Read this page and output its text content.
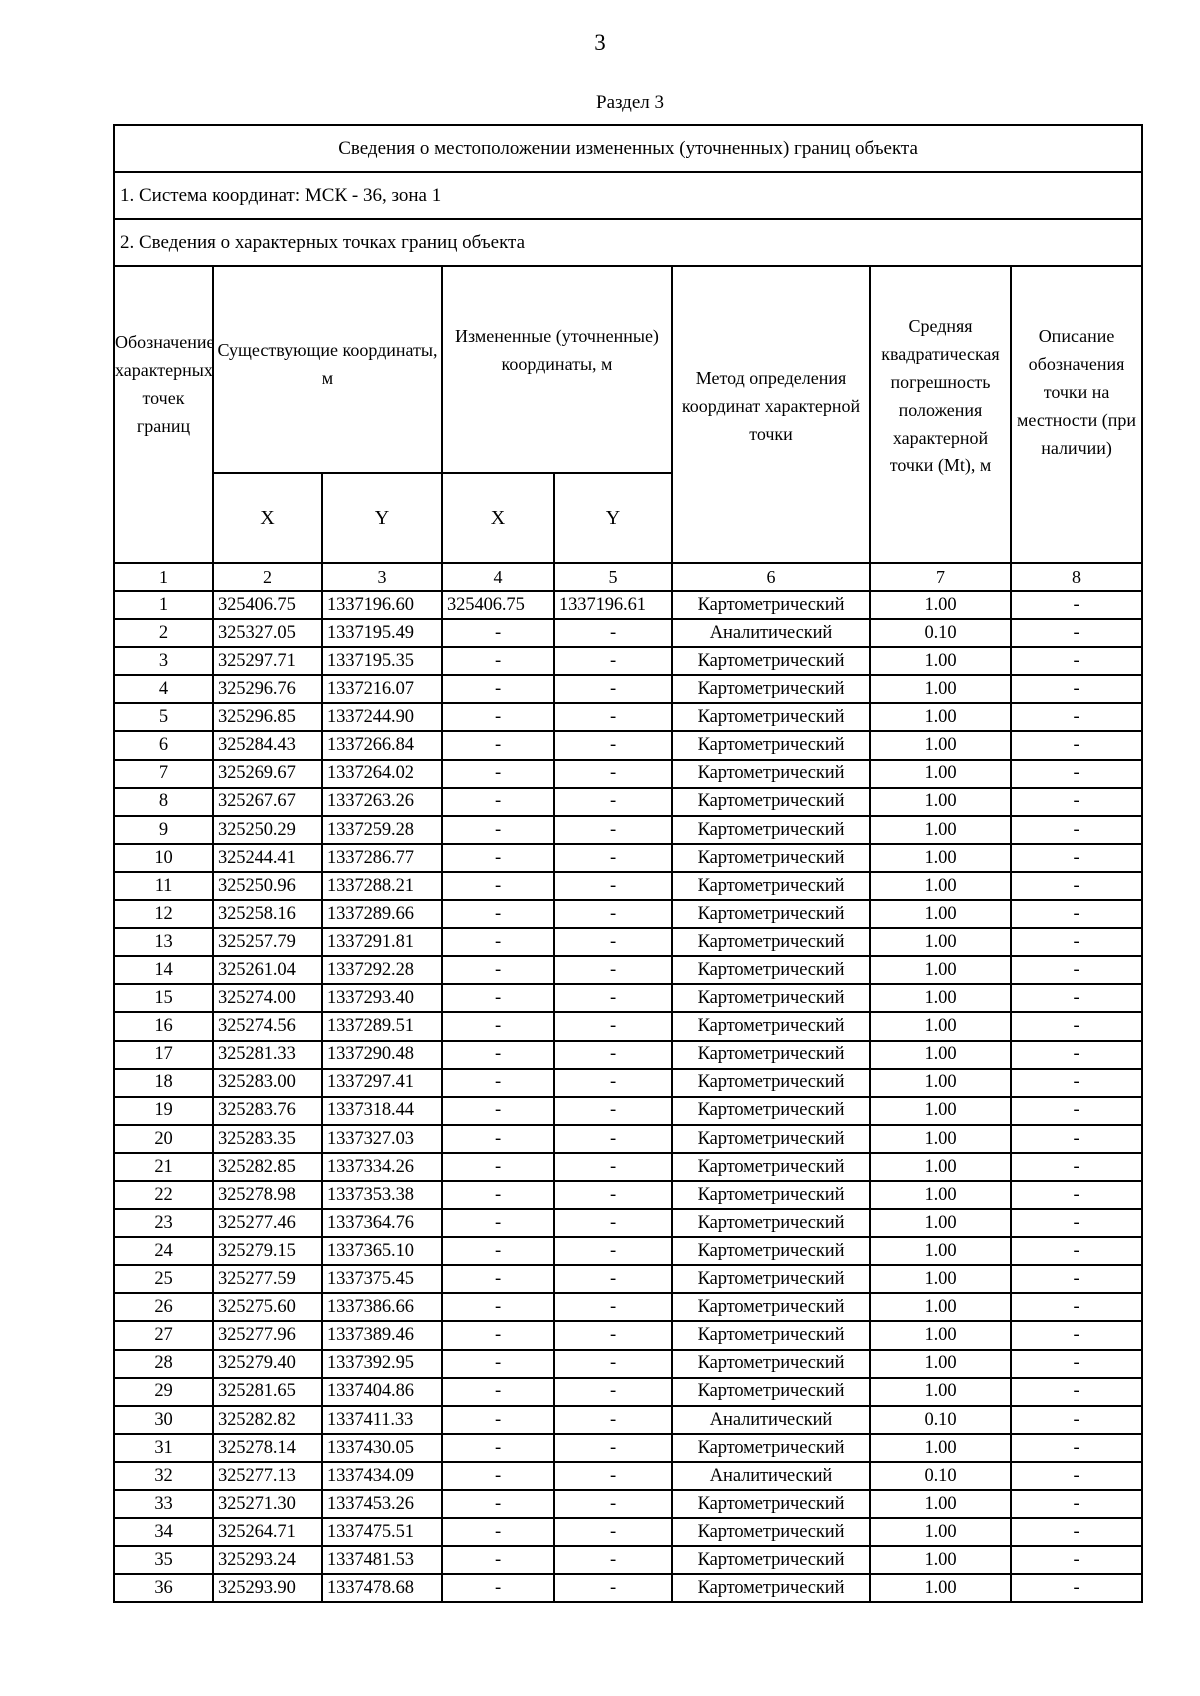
3
Раздел 3
Сведения о местоположении измененных (уточненных) границ объекта							
1. Система координат: МСК - 36, зона 1							
2. Сведения о характерных точках границ объекта							
Обозначение характерных точек границ	Существующие координаты, м		Измененные (уточненные) координаты, м		Метод определения координат характерной точки	Средняя квадратическая погрешность положения характерной точки (Mt), м	Описание обозначения точки на местности (при наличии)
	X	Y	X	Y			
1	2	3	4	5	6	7	8
1	325406.75	1337196.60	325406.75	1337196.61	Картометрический	1.00	-
2	325327.05	1337195.49	-	-	Аналитический	0.10	-
3	325297.71	1337195.35	-	-	Картометрический	1.00	-
4	325296.76	1337216.07	-	-	Картометрический	1.00	-
5	325296.85	1337244.90	-	-	Картометрический	1.00	-
6	325284.43	1337266.84	-	-	Картометрический	1.00	-
7	325269.67	1337264.02	-	-	Картометрический	1.00	-
8	325267.67	1337263.26	-	-	Картометрический	1.00	-
9	325250.29	1337259.28	-	-	Картометрический	1.00	-
10	325244.41	1337286.77	-	-	Картометрический	1.00	-
11	325250.96	1337288.21	-	-	Картометрический	1.00	-
12	325258.16	1337289.66	-	-	Картометрический	1.00	-
13	325257.79	1337291.81	-	-	Картометрический	1.00	-
14	325261.04	1337292.28	-	-	Картометрический	1.00	-
15	325274.00	1337293.40	-	-	Картометрический	1.00	-
16	325274.56	1337289.51	-	-	Картометрический	1.00	-
17	325281.33	1337290.48	-	-	Картометрический	1.00	-
18	325283.00	1337297.41	-	-	Картометрический	1.00	-
19	325283.76	1337318.44	-	-	Картометрический	1.00	-
20	325283.35	1337327.03	-	-	Картометрический	1.00	-
21	325282.85	1337334.26	-	-	Картометрический	1.00	-
22	325278.98	1337353.38	-	-	Картометрический	1.00	-
23	325277.46	1337364.76	-	-	Картометрический	1.00	-
24	325279.15	1337365.10	-	-	Картометрический	1.00	-
25	325277.59	1337375.45	-	-	Картометрический	1.00	-
26	325275.60	1337386.66	-	-	Картометрический	1.00	-
27	325277.96	1337389.46	-	-	Картометрический	1.00	-
28	325279.40	1337392.95	-	-	Картометрический	1.00	-
29	325281.65	1337404.86	-	-	Картометрический	1.00	-
30	325282.82	1337411.33	-	-	Аналитический	0.10	-
31	325278.14	1337430.05	-	-	Картометрический	1.00	-
32	325277.13	1337434.09	-	-	Аналитический	0.10	-
33	325271.30	1337453.26	-	-	Картометрический	1.00	-
34	325264.71	1337475.51	-	-	Картометрический	1.00	-
35	325293.24	1337481.53	-	-	Картометрический	1.00	-
36	325293.90	1337478.68	-	-	Картометрический	1.00	-
